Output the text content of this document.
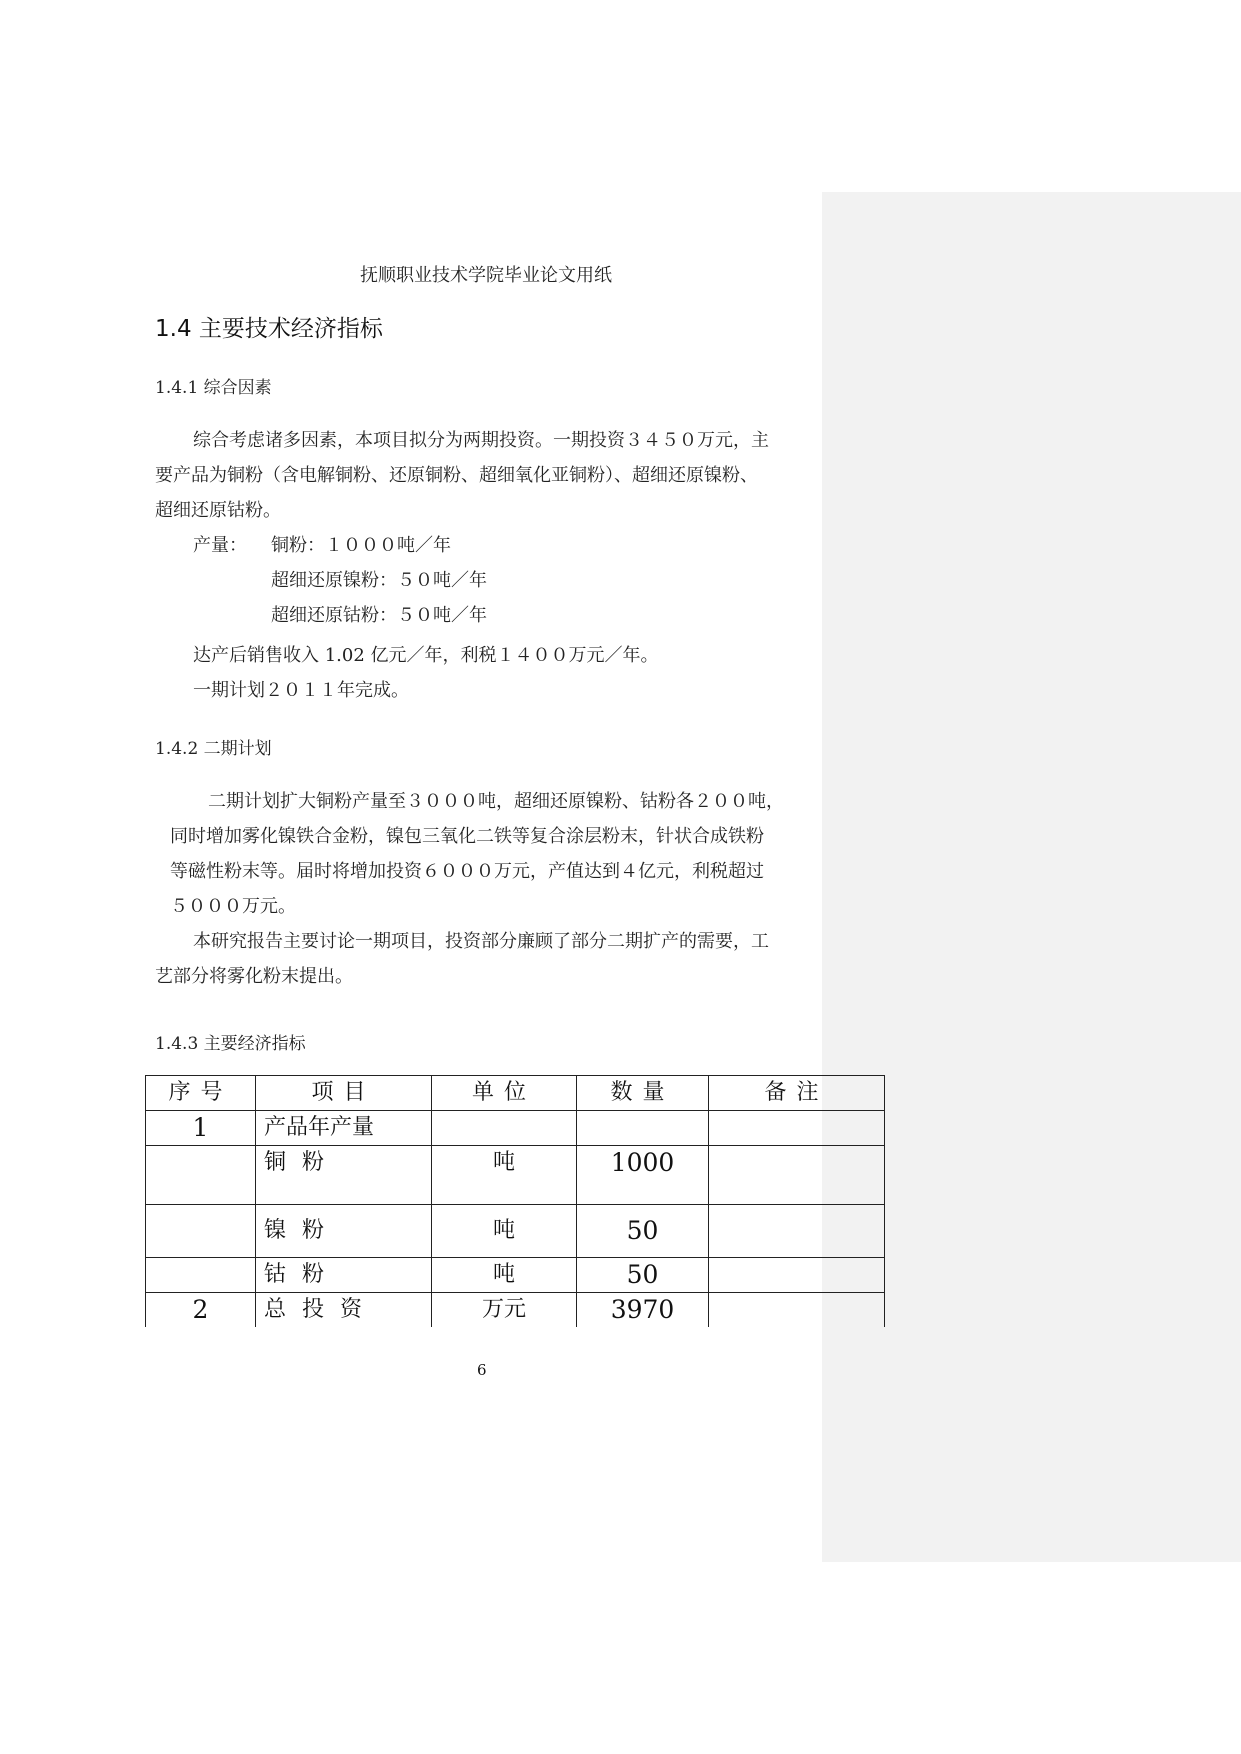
抚顺职业技术学院毕业论文用纸
1.4 主要技术经济指标
1.4.1 综合因素
综合考虑诸多因素，本项目拟分为两期投资。一期投资３４５０万元，主
要产品为铜粉（含电解铜粉、还原铜粉、超细氧化亚铜粉）、超细还原镍粉、
超细还原钴粉。
产量： 铜粉：１０００吨／年
超细还原镍粉：５０吨／年
超细还原钴粉：５０吨／年
达产后销售收入 1.02 亿元／年，利税１４００万元／年。
一期计划２０１１年完成。
1.4.2 二期计划
二期计划扩大铜粉产量至３０００吨，超细还原镍粉、钴粉各２００吨，
同时增加雾化镍铁合金粉，镍包三氧化二铁等复合涂层粉末，针状合成铁粉
等磁性粉末等。届时将增加投资６０００万元，产值达到４亿元，利税超过
５０００万元。
本研究报告主要讨论一期项目，投资部分廉顾了部分二期扩产的需要，工
艺部分将雾化粉末提出。
1.4.3 主要经济指标
序号	项目	单位	数量	备注
1	产品年产量			
	铜粉	吨	1000	
	镍粉	吨	50	
	钴粉	吨	50	
2	总投资	万元	3970	
6
